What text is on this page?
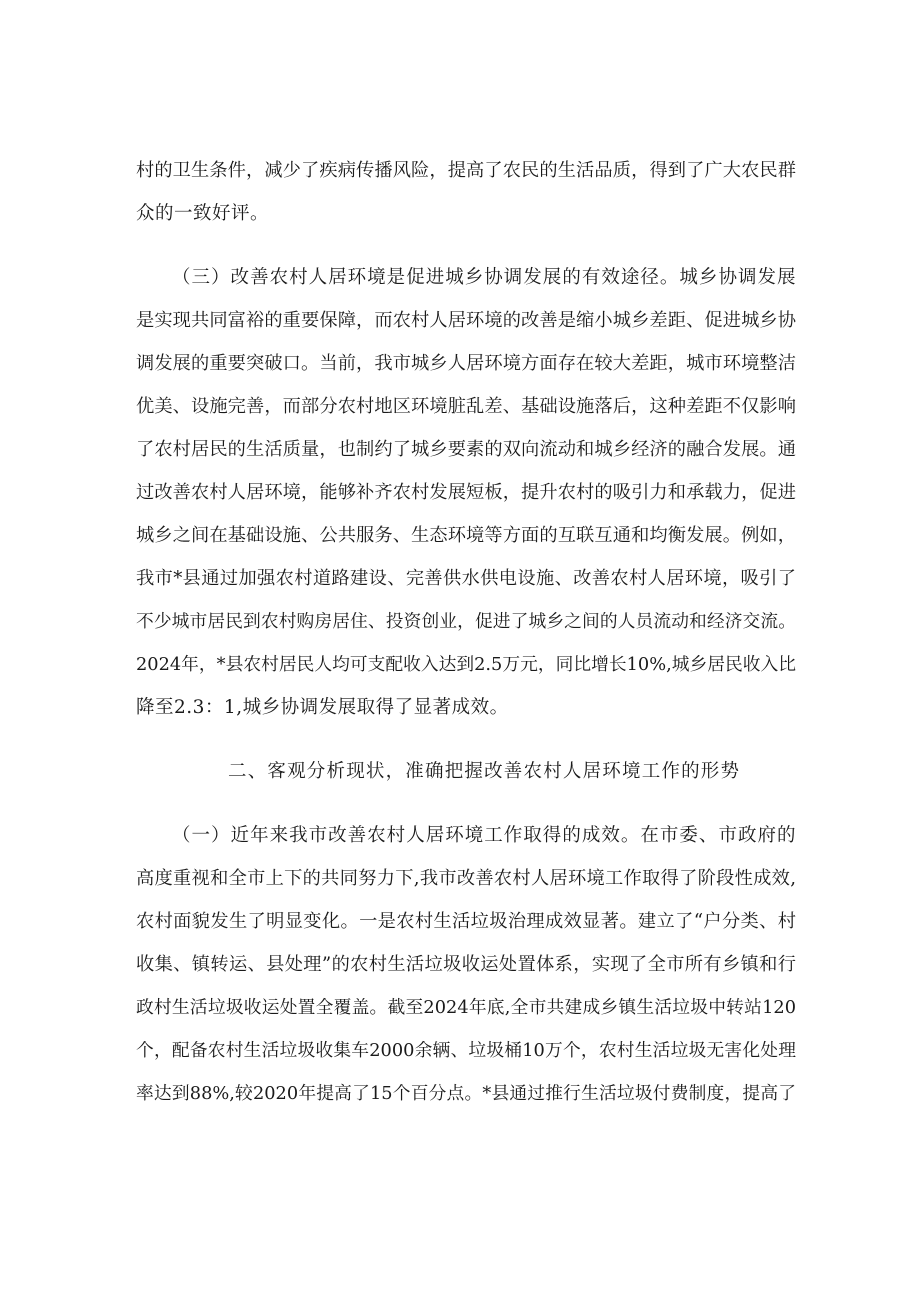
村的卫生条件，减少了疾病传播风险，提高了农民的生活品质，得到了广大农民群
众的一致好评。
（三）改善农村人居环境是促进城乡协调发展的有效途径。城乡协调发展
是实现共同富裕的重要保障，而农村人居环境的改善是缩小城乡差距、促进城乡协
调发展的重要突破口。当前，我市城乡人居环境方面存在较大差距，城市环境整洁
优美、设施完善，而部分农村地区环境脏乱差、基础设施落后，这种差距不仅影响
了农村居民的生活质量，也制约了城乡要素的双向流动和城乡经济的融合发展。通
过改善农村人居环境，能够补齐农村发展短板，提升农村的吸引力和承载力，促进
城乡之间在基础设施、公共服务、生态环境等方面的互联互通和均衡发展。例如，
我市*县通过加强农村道路建设、完善供水供电设施、改善农村人居环境，吸引了
不少城市居民到农村购房居住、投资创业，促进了城乡之间的人员流动和经济交流。
2024年，*县农村居民人均可支配收入达到2.5万元，同比增长10%,城乡居民收入比
降至2.3：1,城乡协调发展取得了显著成效。
二、客观分析现状，准确把握改善农村人居环境工作的形势
（一）近年来我市改善农村人居环境工作取得的成效。在市委、市政府的
高度重视和全市上下的共同努力下,我市改善农村人居环境工作取得了阶段性成效,
农村面貌发生了明显变化。一是农村生活垃圾治理成效显著。建立了“户分类、村
收集、镇转运、县处理”的农村生活垃圾收运处置体系，实现了全市所有乡镇和行
政村生活垃圾收运处置全覆盖。截至2024年底,全市共建成乡镇生活垃圾中转站120
个，配备农村生活垃圾收集车2000余辆、垃圾桶10万个，农村生活垃圾无害化处理
率达到88%,较2020年提高了15个百分点。*县通过推行生活垃圾付费制度，提高了
